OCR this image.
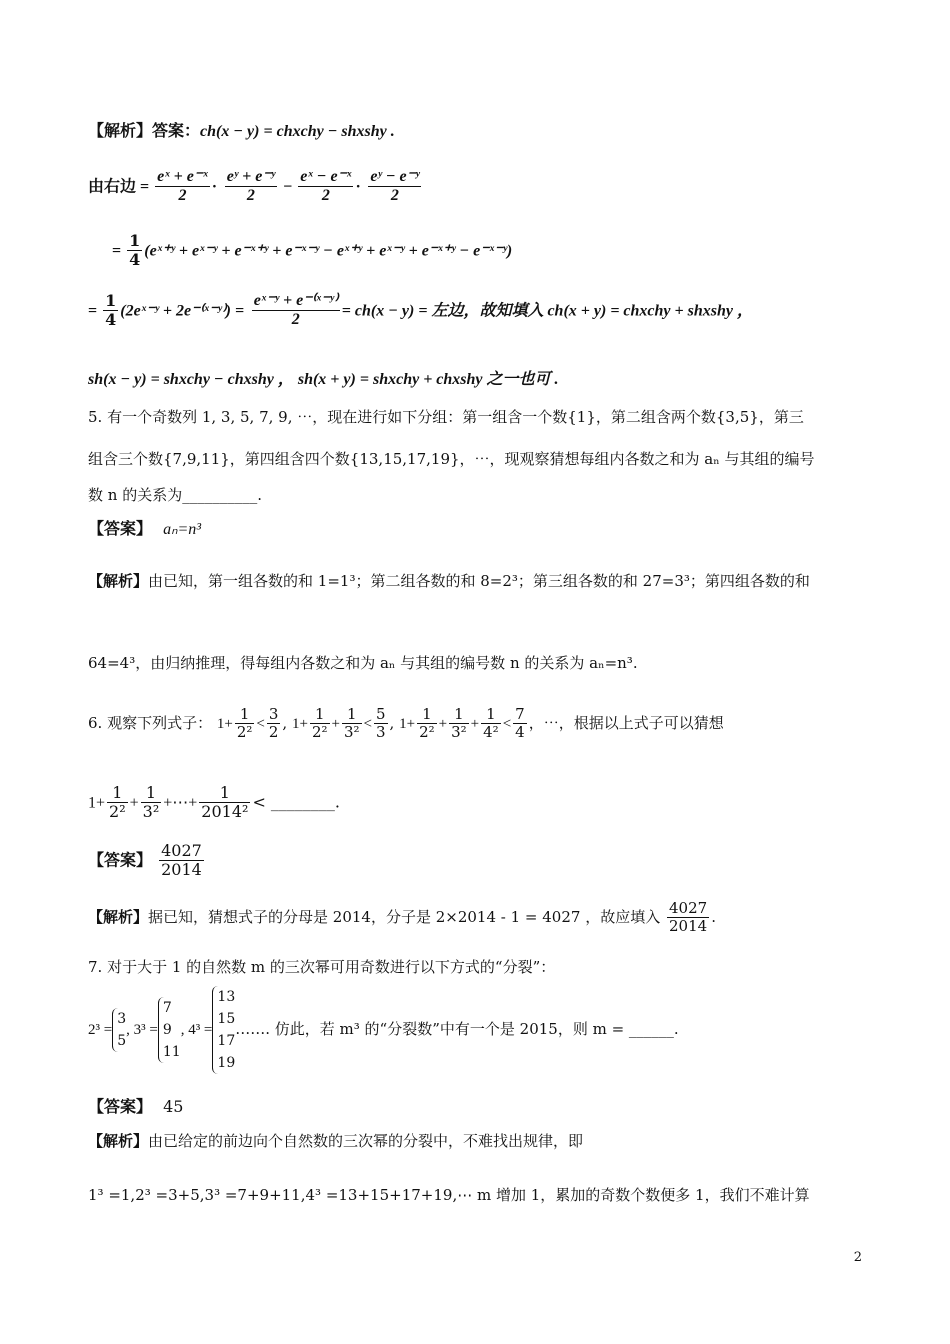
【解析】答案：ch(x − y) = chxchy − shxshy .
由右边 = $\frac{\text{eˣ + e⁻ˣ}}{2} \cdot \frac{\text{eʸ + e⁻ʸ}}{2} - \frac{\text{eˣ − e⁻ˣ}}{2} \cdot \frac{\text{eʸ − e⁻ʸ}}{2}$
= $\frac{1}{4}$ (eˣ⁺ʸ + eˣ⁻ʸ + e⁻ˣ⁺ʸ + e⁻ˣ⁻ʸ − eˣ⁺ʸ + eˣ⁻ʸ + e⁻ˣ⁺ʸ − e⁻ˣ⁻ʸ)
= $\frac{1}{4}$ (2eˣ⁻ʸ + 2e⁻⁽ˣ⁻ʸ⁾) = $\frac{\text{eˣ⁻ʸ + e⁻⁽ˣ⁻ʸ⁾}}{2} = ch(x - y)$ = 左边，故知填入 ch(x + y) = chxchy + shxshy ，
sh(x − y) = shxchy − chxshy ， sh(x + y) = shxchy + chxshy 之一也可 .
5. 有一个奇数列 1, 3, 5, 7, 9, ⋯，现在进行如下分组：第一组含一个数{1}，第二组含两个数{3,5}，第三
组含三个数{7,9,11}，第四组含四个数{13,15,17,19}，⋯，现观察猜想每组内各数之和为 aₙ 与其组的编号
数 n 的关系为__________.
【答案】 aₙ=n³
【解析】由已知，第一组各数的和 1=1³；第二组各数的和 8=2³；第三组各数的和 27=3³；第四组各数的和
64=4³，由归纳推理，得每组内各数之和为 aₙ 与其组的编号数 n 的关系为 aₙ=n³.
6. 观察下列式子： $1+ \frac{1}{\text{2²}} < \frac{3}{2}$ , $1+ \frac{1}{\text{2²}} + \frac{1}{\text{3²}} < \frac{5}{3}$ , $1+ \frac{1}{\text{2²}} + \frac{1}{\text{3²}} + \frac{1}{\text{4²}} < \frac{7}{4}$ ，⋯，根据以上式子可以猜想
$1+ \frac{1}{\text{2²}} + \frac{1}{\text{3²}}$ +⋯+ $\frac{1}{\text{2014²}}$ < ________.
【答案】 $\frac{4027}{2014}$
【解析】据已知，猜想式子的分母是 2014，分子是 2×2014 - 1 = 4027 ，故应填入 $\frac{4027}{2014}$ .
7. 对于大于 1 的自然数 m 的三次幂可用奇数进行以下方式的“分裂”：
2³ =
3
5
, 3³ =
7
9
11
, 4³ =
13
15
17
19
……. 仿此，若 m³ 的“分裂数”中有一个是 2015，则 m = ______.
【答案】 45
【解析】由已给定的前边向个自然数的三次幂的分裂中，不难找出规律，即
1³ =1,2³ =3+5,3³ =7+9+11,4³ =13+15+17+19,⋯ m 增加 1，累加的奇数个数便多 1，我们不难计算
2
